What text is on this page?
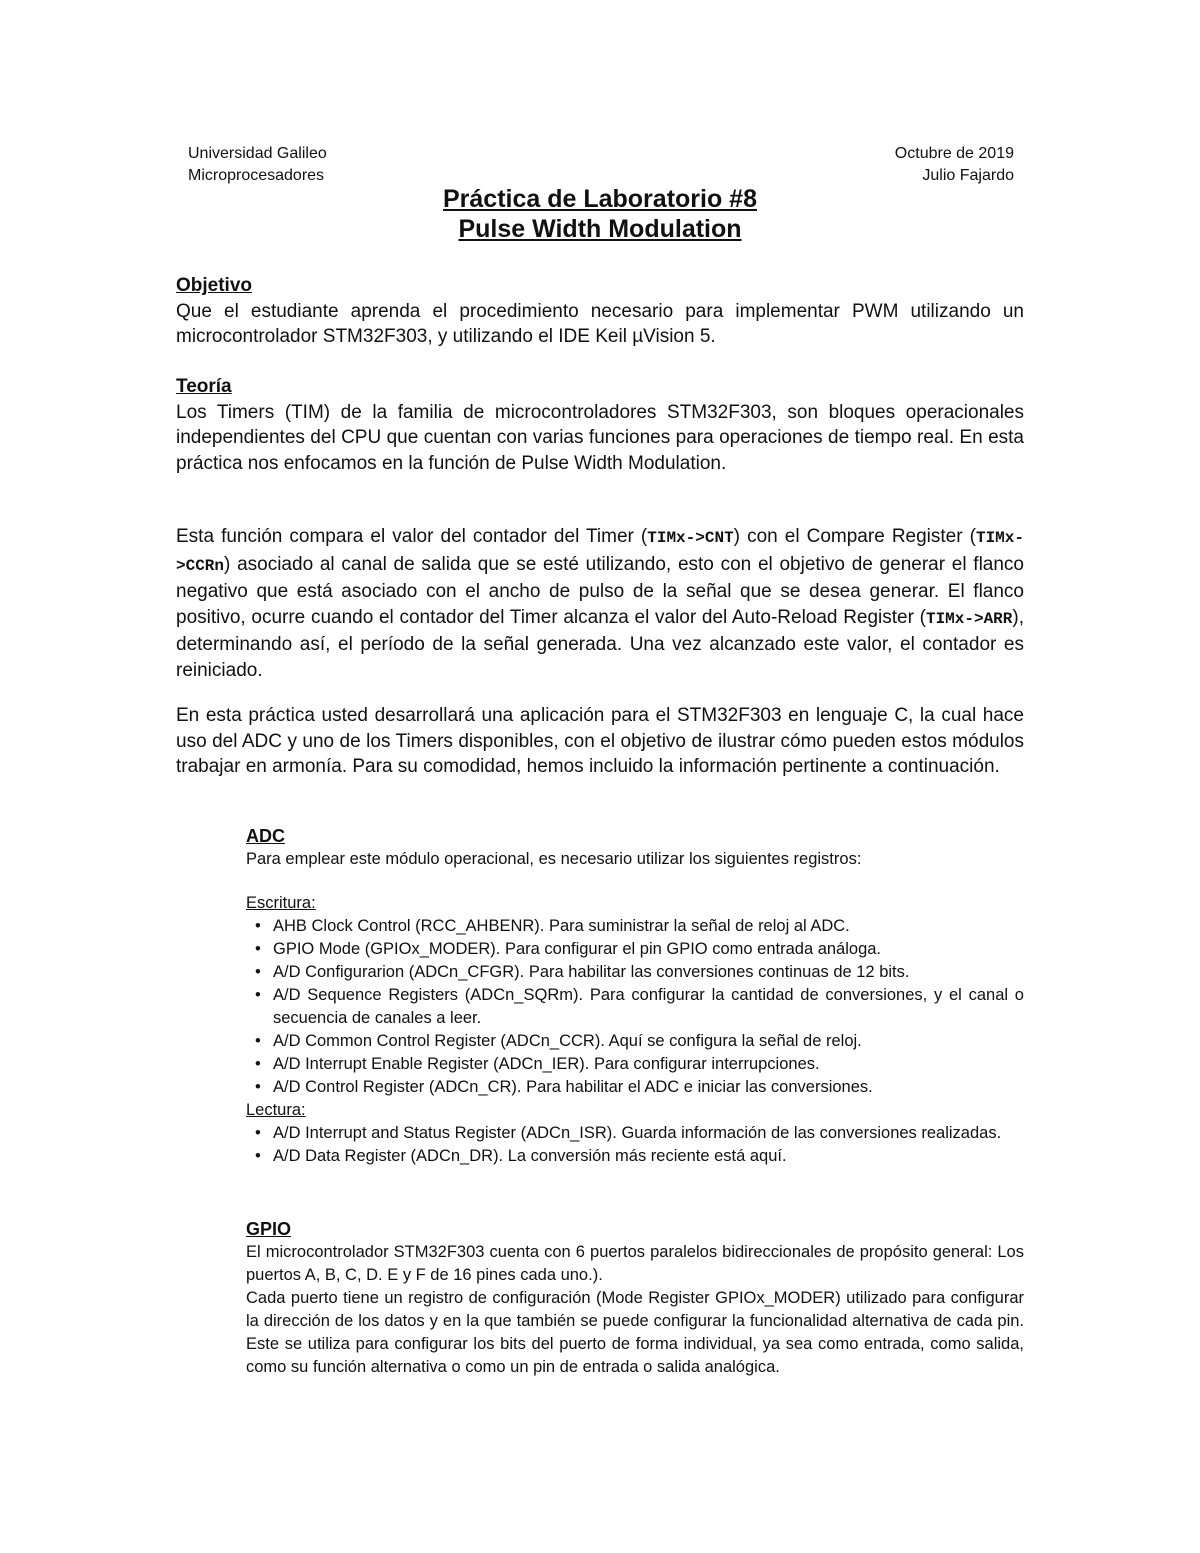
Universidad Galileo
Microprocesadores
Octubre de 2019
Julio Fajardo
Práctica de Laboratorio #8
Pulse Width Modulation
Objetivo

Que el estudiante aprenda el procedimiento necesario para implementar PWM utilizando un microcontrolador STM32F303, y utilizando el IDE Keil µVision 5.

Teoría

Los Timers (TIM) de la familia de microcontroladores STM32F303, son bloques operacionales independientes del CPU que cuentan con varias funciones para operaciones de tiempo real. En esta práctica nos enfocamos en la función de Pulse Width Modulation.

Esta función compara el valor del contador del Timer (TIMx->CNT) con el Compare Register (TIMx->CCRn) asociado al canal de salida que se esté utilizando, esto con el objetivo de generar el flanco negativo que está asociado con el ancho de pulso de la señal que se desea generar. El flanco positivo, ocurre cuando el contador del Timer alcanza el valor del Auto-Reload Register (TIMx->ARR), determinando así, el período de la señal generada. Una vez alcanzado este valor, el contador es reiniciado.

En esta práctica usted desarrollará una aplicación para el STM32F303 en lenguaje C, la cual hace uso del ADC y uno de los Timers disponibles, con el objetivo de ilustrar cómo pueden estos módulos trabajar en armonía. Para su comodidad, hemos incluido la información pertinente a continuación.

ADC

Para emplear este módulo operacional, es necesario utilizar los siguientes registros:

Escritura:
• AHB Clock Control (RCC_AHBENR). Para suministrar la señal de reloj al ADC.
• GPIO Mode (GPIOx_MODER). Para configurar el pin GPIO como entrada análoga.
• A/D Configurarion (ADCn_CFGR). Para habilitar las conversiones continuas de 12 bits.
• A/D Sequence Registers (ADCn_SQRm). Para configurar la cantidad de conversiones, y el canal o secuencia de canales a leer.
• A/D Common Control Register (ADCn_CCR). Aquí se configura la señal de reloj.
• A/D Interrupt Enable Register (ADCn_IER). Para configurar interrupciones.
• A/D Control Register (ADCn_CR). Para habilitar el ADC e iniciar las conversiones.
Lectura:
• A/D Interrupt and Status Register (ADCn_ISR). Guarda información de las conversiones realizadas.
• A/D Data Register (ADCn_DR). La conversión más reciente está aquí.
GPIO

El microcontrolador STM32F303 cuenta con 6 puertos paralelos bidireccionales de propósito general: Los puertos A, B, C, D. E y F de 16 pines cada uno.).

Cada puerto tiene un registro de configuración (Mode Register GPIOx_MODER) utilizado para configurar la dirección de los datos y en la que también se puede configurar la funcionalidad alternativa de cada pin. Este se utiliza para configurar los bits del puerto de forma individual, ya sea como entrada, como salida, como su función alternativa o como un pin de entrada o salida analógica.
